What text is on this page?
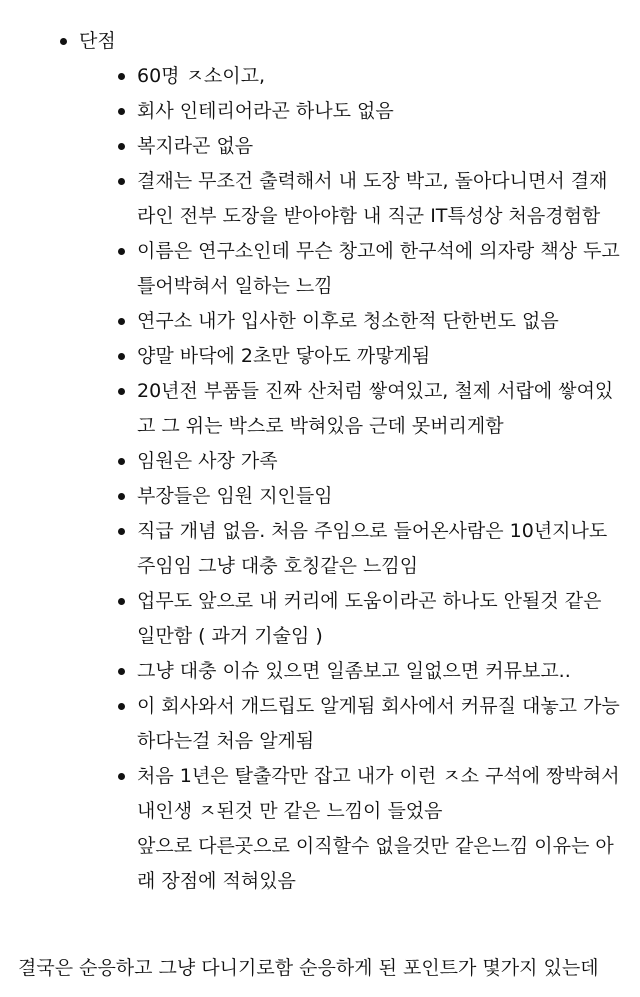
단점
60명 ㅈ소이고,
회사 인테리어라곤 하나도 없음
복지라곤 없음
결재는 무조건 출력해서 내 도장 박고, 돌아다니면서 결재
라인 전부 도장을 받아야함 내 직군 IT특성상 처음경험함
이름은 연구소인데 무슨 창고에 한구석에 의자랑 책상 두고
틀어박혀서 일하는 느낌
연구소 내가 입사한 이후로 청소한적 단한번도 없음
양말 바닥에 2초만 닿아도 까맣게됨
20년전 부품들 진짜 산처럼 쌓여있고, 철제 서랍에 쌓여있
고 그 위는 박스로 박혀있음 근데 못버리게함
임원은 사장 가족
부장들은 임원 지인들임
직급 개념 없음. 처음 주임으로 들어온사람은 10년지나도
주임임 그냥 대충 호칭같은 느낌임
업무도 앞으로 내 커리에 도움이라곤 하나도 안될것 같은
일만함 ( 과거 기술임 )
그냥 대충 이슈 있으면 일좀보고 일없으면 커뮤보고..
이 회사와서 개드립도 알게됨 회사에서 커뮤질 대놓고 가능
하다는걸 처음 알게됨
처음 1년은 탈출각만 잡고 내가 이런 ㅈ소 구석에 짱박혀서
내인생 ㅈ된것 만 같은 느낌이 들었음
앞으로 다른곳으로 이직할수 없을것만 같은느낌 이유는 아
래 장점에 적혀있음
결국은 순응하고 그냥 다니기로함 순응하게 된 포인트가 몇가지 있는데
